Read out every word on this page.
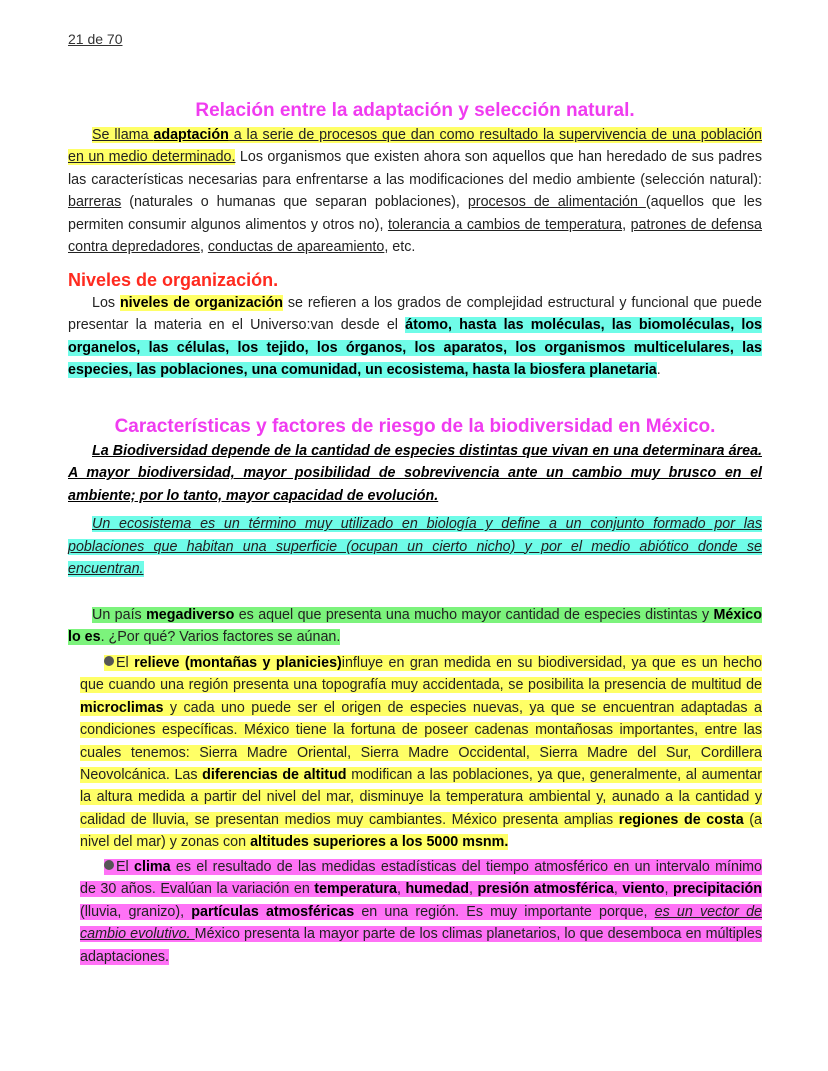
21 de 70
Relación entre la adaptación y selección natural.

Se llama adaptación a la serie de procesos que dan como resultado la supervivencia de una población en un medio determinado. Los organismos que existen ahora son aquellos que han heredado de sus padres las características necesarias para enfrentarse a las modificaciones del medio ambiente (selección natural): barreras (naturales o humanas que separan poblaciones), procesos de alimentación (aquellos que les permiten consumir algunos alimentos y otros no), tolerancia a cambios de temperatura, patrones de defensa contra depredadores, conductas de apareamiento, etc.

Niveles de organización.

Los niveles de organización se refieren a los grados de complejidad estructural y funcional que puede presentar la materia en el Universo:van desde el átomo, hasta las moléculas, las biomoléculas, los organelos, las células, los tejido, los órganos, los aparatos, los organismos multicelulares, las especies, las poblaciones, una comunidad, un ecosistema, hasta la biosfera planetaria.

Características y factores de riesgo de la biodiversidad en México.

La Biodiversidad depende de la cantidad de especies distintas que vivan en una determinara área. A mayor biodiversidad, mayor posibilidad de sobrevivencia ante un cambio muy brusco en el ambiente; por lo tanto, mayor capacidad de evolución.

Un ecosistema es un término muy utilizado en biología y define a un conjunto formado por las poblaciones que habitan una superficie (ocupan un cierto nicho) y por el medio abiótico donde se encuentran.

Un país megadiverso es aquel que presenta una mucho mayor cantidad de especies distintas y México lo es. ¿Por qué? Varios factores se aúnan.

El relieve (montañas y planicies)influye en gran medida en su biodiversidad, ya que es un hecho que cuando una región presenta una topografía muy accidentada, se posibilita la presencia de multitud de microclimas y cada uno puede ser el origen de especies nuevas, ya que se encuentran adaptadas a condiciones específicas. México tiene la fortuna de poseer cadenas montañosas importantes, entre las cuales tenemos: Sierra Madre Oriental, Sierra Madre Occidental, Sierra Madre del Sur, Cordillera Neovolcánica. Las diferencias de altitud modifican a las poblaciones, ya que, generalmente, al aumentar la altura medida a partir del nivel del mar, disminuye la temperatura ambiental y, aunado a la cantidad y calidad de lluvia, se presentan medios muy cambiantes. México presenta amplias regiones de costa (a nivel del mar) y zonas con altitudes superiores a los 5000 msnm.

El clima es el resultado de las medidas estadísticas del tiempo atmosférico en un intervalo mínimo de 30 años. Evalúan la variación en temperatura, humedad, presión atmosférica, viento, precipitación (lluvia, granizo), partículas atmosféricas en una región. Es muy importante porque, es un vector de cambio evolutivo. México presenta la mayor parte de los climas planetarios, lo que desemboca en múltiples adaptaciones.
